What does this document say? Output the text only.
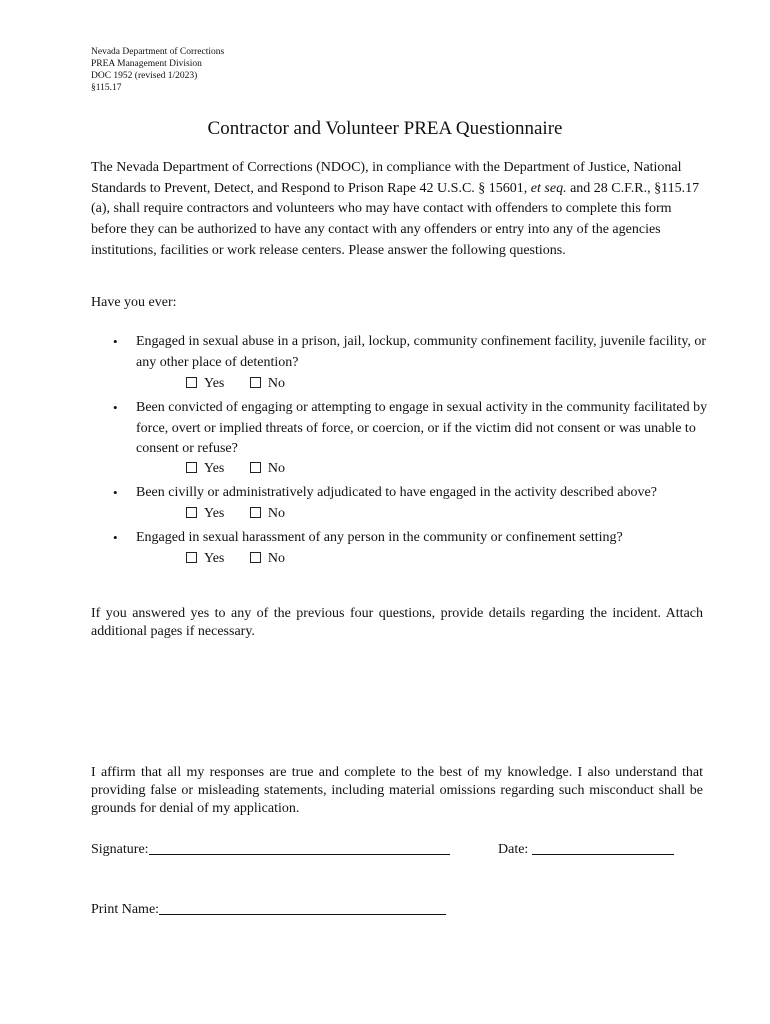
Nevada Department of Corrections
PREA Management Division
DOC 1952 (revised 1/2023)
§115.17
Contractor and Volunteer PREA Questionnaire
The Nevada Department of Corrections (NDOC), in compliance with the Department of Justice, National Standards to Prevent, Detect, and Respond to Prison Rape 42 U.S.C. § 15601, et seq. and 28 C.F.R., §115.17 (a), shall require contractors and volunteers who may have contact with offenders to complete this form before they can be authorized to have any contact with any offenders or entry into any of the agencies institutions, facilities or work release centers. Please answer the following questions.
Have you ever:
• Engaged in sexual abuse in a prison, jail, lockup, community confinement facility, juvenile facility, or any other place of detention?
Yes	No
• Been convicted of engaging or attempting to engage in sexual activity in the community facilitated by force, overt or implied threats of force, or coercion, or if the victim did not consent or was unable to consent or refuse?
Yes	No
• Been civilly or administratively adjudicated to have engaged in the activity described above?
Yes	No
• Engaged in sexual harassment of any person in the community or confinement setting?
Yes	No
If you answered yes to any of the previous four questions, provide details regarding the incident. Attach additional pages if necessary.
I affirm that all my responses are true and complete to the best of my knowledge. I also understand that providing false or misleading statements, including material omissions regarding such misconduct shall be grounds for denial of my application.
Signature:	Date:
Print Name:
